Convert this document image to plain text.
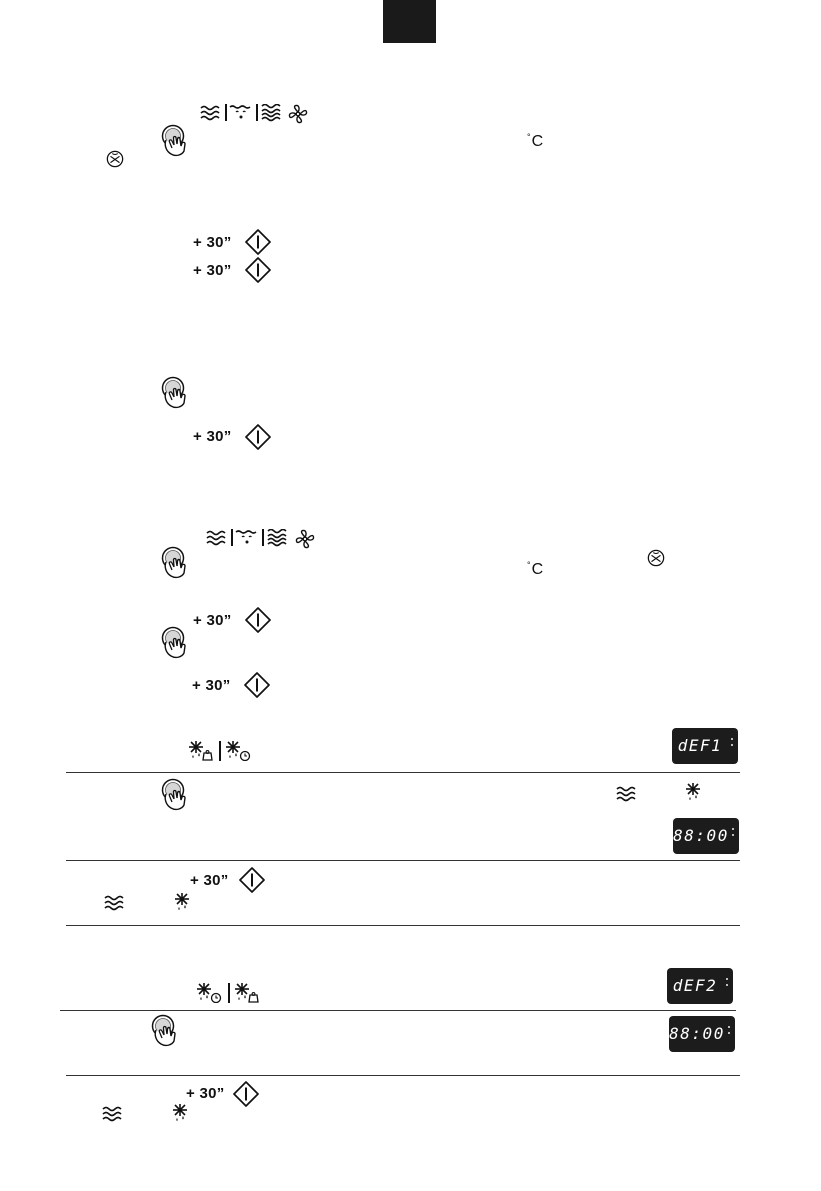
°C
+ 30”
+ 30”
+ 30”
°C
+ 30”
+ 30”
dEF1
88:00
+ 30”
dEF2
88:00
+ 30”
